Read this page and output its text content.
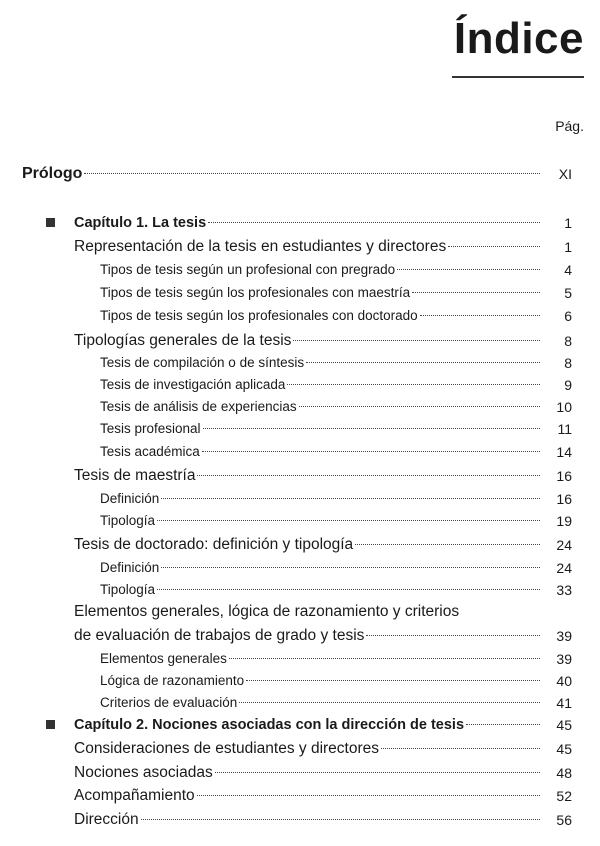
Índice
Pág.
Prólogo	XI
Capítulo 1. La tesis	1
Representación de la tesis en estudiantes y directores	1
Tipos de tesis según un profesional con pregrado	4
Tipos de tesis según los profesionales con maestría	5
Tipos de tesis según los profesionales con doctorado	6
Tipologías generales de la tesis	8
Tesis de compilación o de síntesis	8
Tesis de investigación aplicada	9
Tesis de análisis de experiencias	10
Tesis profesional	11
Tesis académica	14
Tesis de maestría	16
Definición	16
Tipología	19
Tesis de doctorado: definición y tipología	24
Definición	24
Tipología	33
Elementos generales, lógica de razonamiento y criterios
de evaluación de trabajos de grado y tesis	39
Elementos generales	39
Lógica de razonamiento	40
Criterios de evaluación	41
Capítulo 2. Nociones asociadas con la dirección de tesis	45
Consideraciones de estudiantes y directores	45
Nociones asociadas	48
Acompañamiento	52
Dirección	56
